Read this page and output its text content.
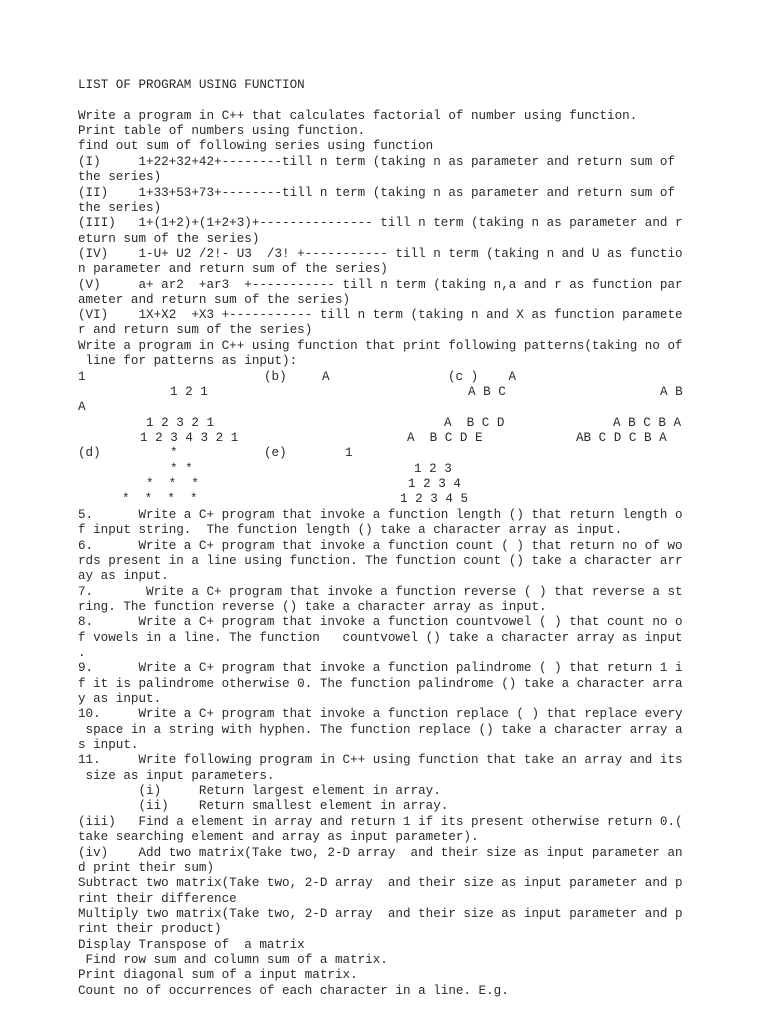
LIST OF PROGRAM USING FUNCTION
Write a program in C++ that calculates factorial of number using function.
Print table of numbers using function.
find out sum of following series using function
(I)     1+22+32+42+--------till n term (taking n as parameter and return sum of
the series)
(II)    1+33+53+73+--------till n term (taking n as parameter and return sum of
the series)
(III)   1+(1+2)+(1+2+3)+--------------- till n term (taking n as parameter and r
eturn sum of the series)
(IV)    1-U+ U2 /2!- U3  /3! +----------- till n term (taking n and U as functio
n parameter and return sum of the series)
(V)     a+ ar2  +ar3  +----------- till n term (taking n,a and r as function par
ameter and return sum of the series)
(VI)    1X+X2  +X3 +----------- till n term (taking n and X as function paramete
r and return sum of the series)
Write a program in C++ using function that print following patterns(taking no of
line for patterns as input):
1	(b)	A	(c )    A
1 2 1	A B C	A B
A
1 2 3 2 1	A  B C D	A B C B A
1 2 3 4 3 2 1	A  B C D E	AB C D C B A
(d)	*	(e)	1
* *	1 2 3
*  *  *	1 2 3 4
*  *  *  *	1 2 3 4 5
5.      Write a C+ program that invoke a function length () that return length o
f input string.  The function length () take a character array as input.
6.      Write a C+ program that invoke a function count ( ) that return no of wo
rds present in a line using function. The function count () take a character arr
ay as input.
7.       Write a C+ program that invoke a function reverse ( ) that reverse a st
ring. The function reverse () take a character array as input.
8.      Write a C+ program that invoke a function countvowel ( ) that count no o
f vowels in a line. The function   countvowel () take a character array as input
.
9.      Write a C+ program that invoke a function palindrome ( ) that return 1 i
f it is palindrome otherwise 0. The function palindrome () take a character arra
y as input.
10.     Write a C+ program that invoke a function replace ( ) that replace every
space in a string with hyphen. The function replace () take a character array a
s input.
11.     Write following program in C++ using function that take an array and its
size as input parameters.
(i)     Return largest element in array.
(ii)    Return smallest element in array.
(iii)   Find a element in array and return 1 if its present otherwise return 0.(
take searching element and array as input parameter).
(iv)    Add two matrix(Take two, 2-D array  and their size as input parameter an
d print their sum)
Subtract two matrix(Take two, 2-D array  and their size as input parameter and p
rint their difference
Multiply two matrix(Take two, 2-D array  and their size as input parameter and p
rint their product)
Display Transpose of  a matrix
Find row sum and column sum of a matrix.
Print diagonal sum of a input matrix.
Count no of occurrences of each character in a line. E.g.
